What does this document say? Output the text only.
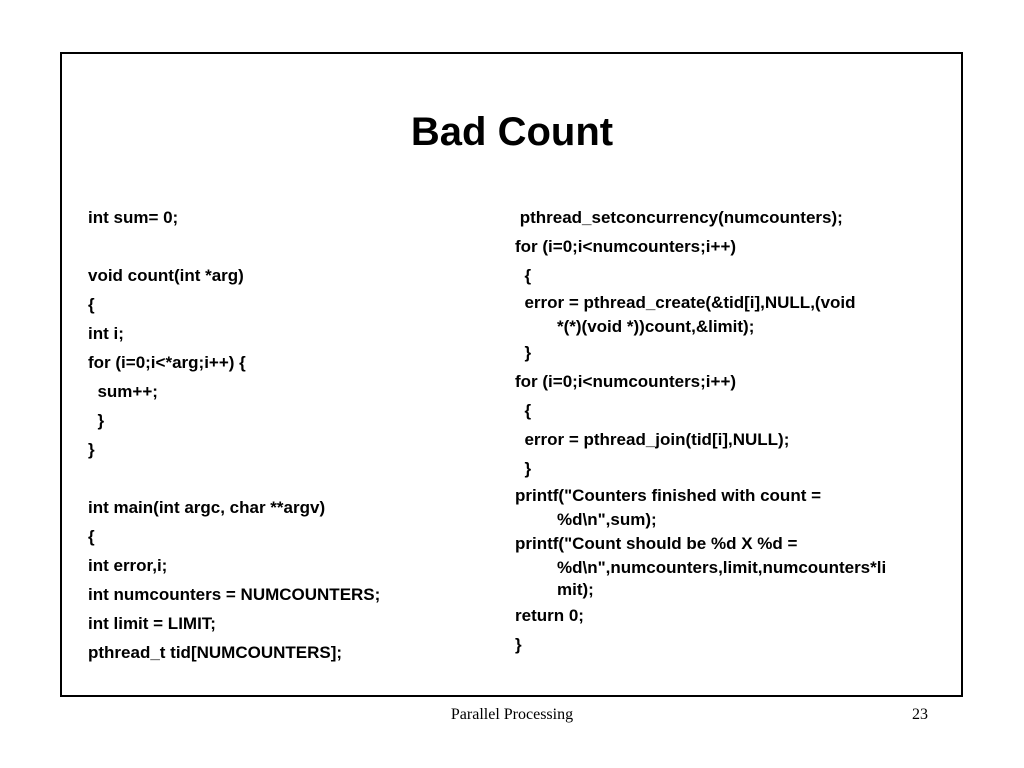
Bad Count
int sum= 0;
void count(int *arg)
{
int i;
for (i=0;i<*arg;i++) {
sum++;
}
}
int main(int argc, char **argv)
{
int error,i;
int numcounters = NUMCOUNTERS;
int limit = LIMIT;
pthread_t tid[NUMCOUNTERS];
pthread_setconcurrency(numcounters);
for (i=0;i<numcounters;i++)
{
error = pthread_create(&tid[i],NULL,(void
*(*)(void *))count,&limit);
}
for (i=0;i<numcounters;i++)
{
error = pthread_join(tid[i],NULL);
}
printf("Counters finished with count =
%d\n",sum);
printf("Count should be %d X %d =
%d\n",numcounters,limit,numcounters*li
mit);
return 0;
}
Parallel Processing	23
